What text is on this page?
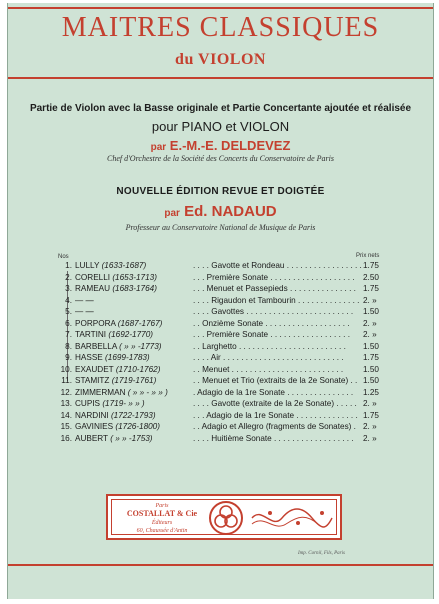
MAITRES CLASSIQUES
du VIOLON
Partie de Violon avec la Basse originale et Partie Concertante ajoutée et réalisée
pour PIANO et VIOLON
par E.-M.-E. DELDEVEZ
Chef d'Orchestre de la Société des Concerts du Conservatoire de Paris
NOUVELLE ÉDITION REVUE ET DOIGTÉE
par Ed. NADAUD
Professeur au Conservatoire National de Musique de Paris
Nos	Prix nets
1. LULLY (1633-1687)	. . . . Gavotte et Rondeau . . . . . . . . . . . . . . . . . 1.75
2. CORELLI (1653-1713)	. . . Première Sonate . . . . . . . . . . . . . . . . . . . 2.50
3. RAMEAU (1683-1764)	. . . Menuet et Passepieds . . . . . . . . . . . . . . . 1.75
4. — —	. . . . Rigaudon et Tambourin . . . . . . . . . . . . . . 2. »
5. — —	. . . . Gavottes . . . . . . . . . . . . . . . . . . . . . . . . 1.50
6. PORPORA (1687-1767)	. . Onzième Sonate . . . . . . . . . . . . . . . . . . . 2. »
7. TARTINI (1692-1770)	. . . Première Sonate . . . . . . . . . . . . . . . . . . 2. »
8. BARBELLA ( » » -1773)	. . Larghetto . . . . . . . . . . . . . . . . . . . . . . . . 1.50
9. HASSE (1699-1783)	. . . . Air . . . . . . . . . . . . . . . . . . . . . . . . . . . 1.75
10. EXAUDET (1710-1762)	. . Menuet . . . . . . . . . . . . . . . . . . . . . . . . . 1.50
11. STAMITZ (1719-1761)	. . Menuet et Trio (extraits de la 2e Sonate) . . 1.50
12. ZIMMERMAN ( » » - » » )	. Adagio de la 1re Sonate . . . . . . . . . . . . . . . 1.25
13. CUPIS (1719- » » )	. . . . Gavotte (extraite de la 2e Sonate) . . . . . 2. »
14. NARDINI (1722-1793)	. . . Adagio de la 1re Sonate . . . . . . . . . . . . . . 1.75
15. GAVINIES (1726-1800)	. . Adagio et Allegro (fragments de Sonates) . 2. »
16. AUBERT ( » » -1753)	. . . . Huitième Sonate . . . . . . . . . . . . . . . . . . 2. »
Paris
COSTALLAT & Cie
Éditeurs
60, Chaussée d'Antin
Imp. Cornil, Fils, Paris
